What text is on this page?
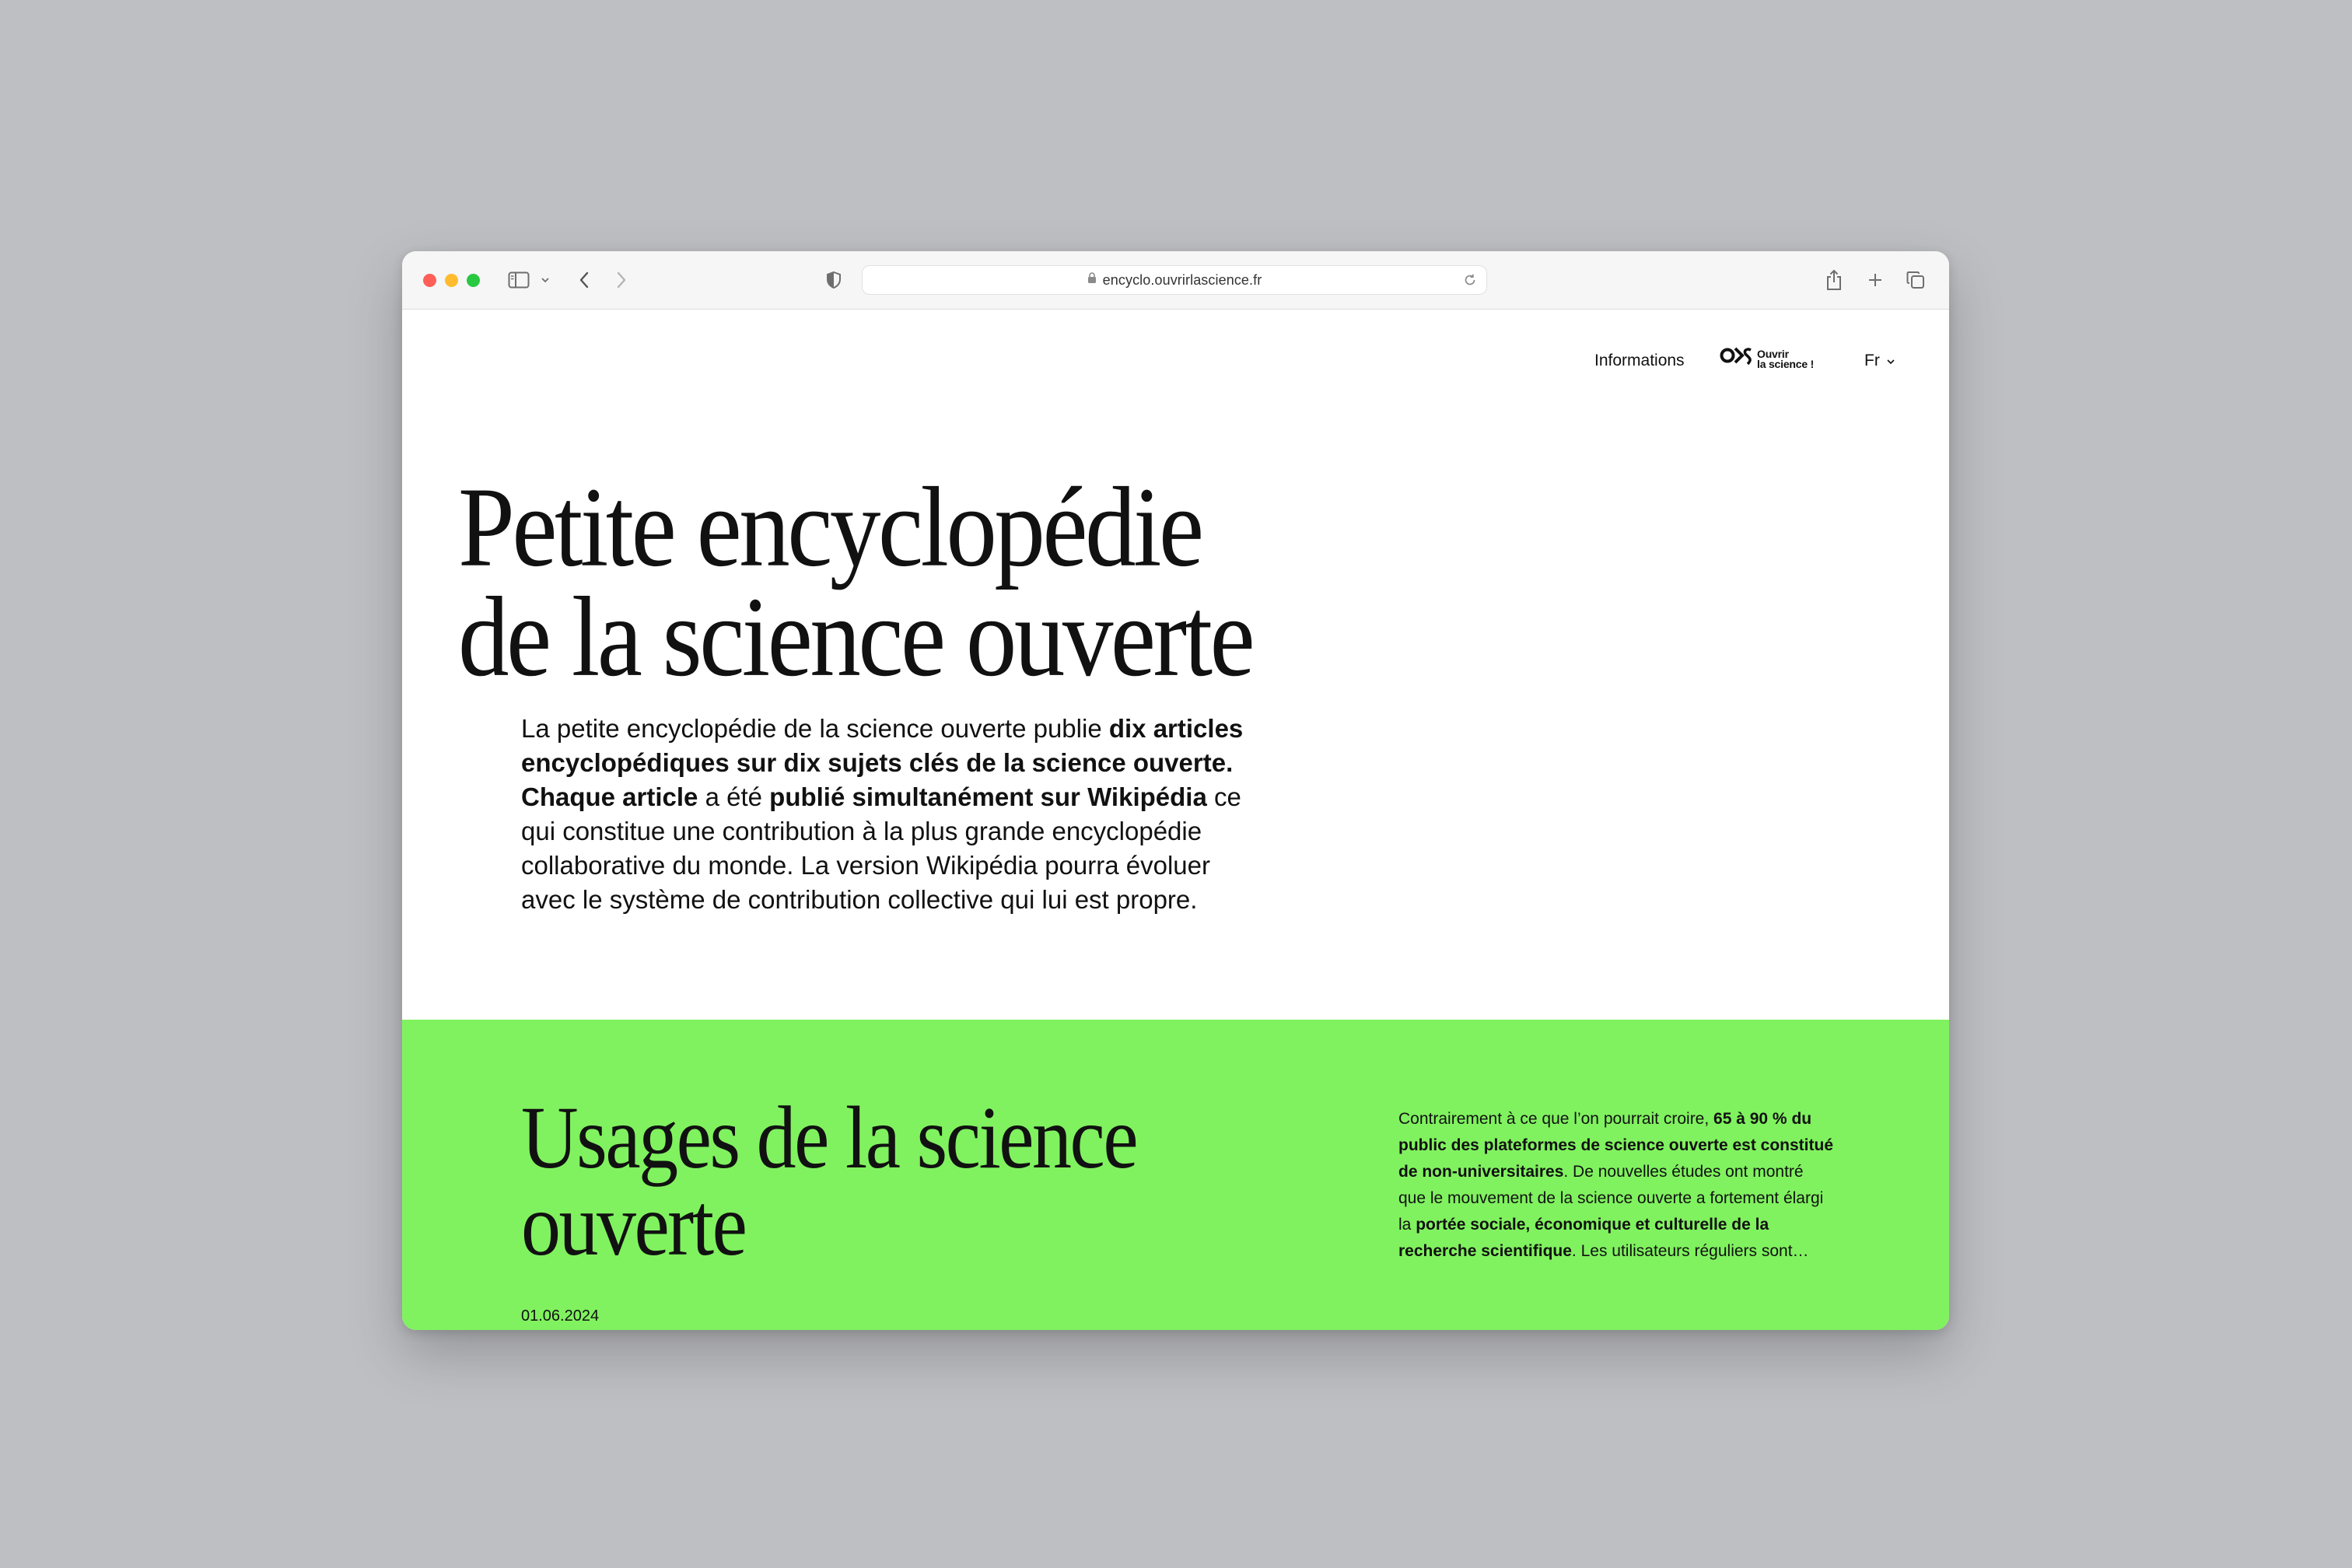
encyclo.ouvrirlascience.fr
Informations	Ouvrir
la science !	Fr
Petite encyclopédie
de la science ouverte

La petite encyclopédie de la science ouverte publie dix articles encyclopédiques sur dix sujets clés de la science ouverte. Chaque article a été publié simultanément sur Wikipédia ce qui constitue une contribution à la plus grande encyclopédie collaborative du monde. La version Wikipédia pourra évoluer avec le système de contribution collective qui lui est propre.

Usages de la science
ouverte
01.06.2024

Contrairement à ce que l’on pourrait croire, 65 à 90 % du public des plateformes de science ouverte est constitué de non-universitaires. De nouvelles études ont montré que le mouvement de la science ouverte a fortement élargi la portée sociale, économique et culturelle de la recherche scientifique. Les utilisateurs réguliers sont…
